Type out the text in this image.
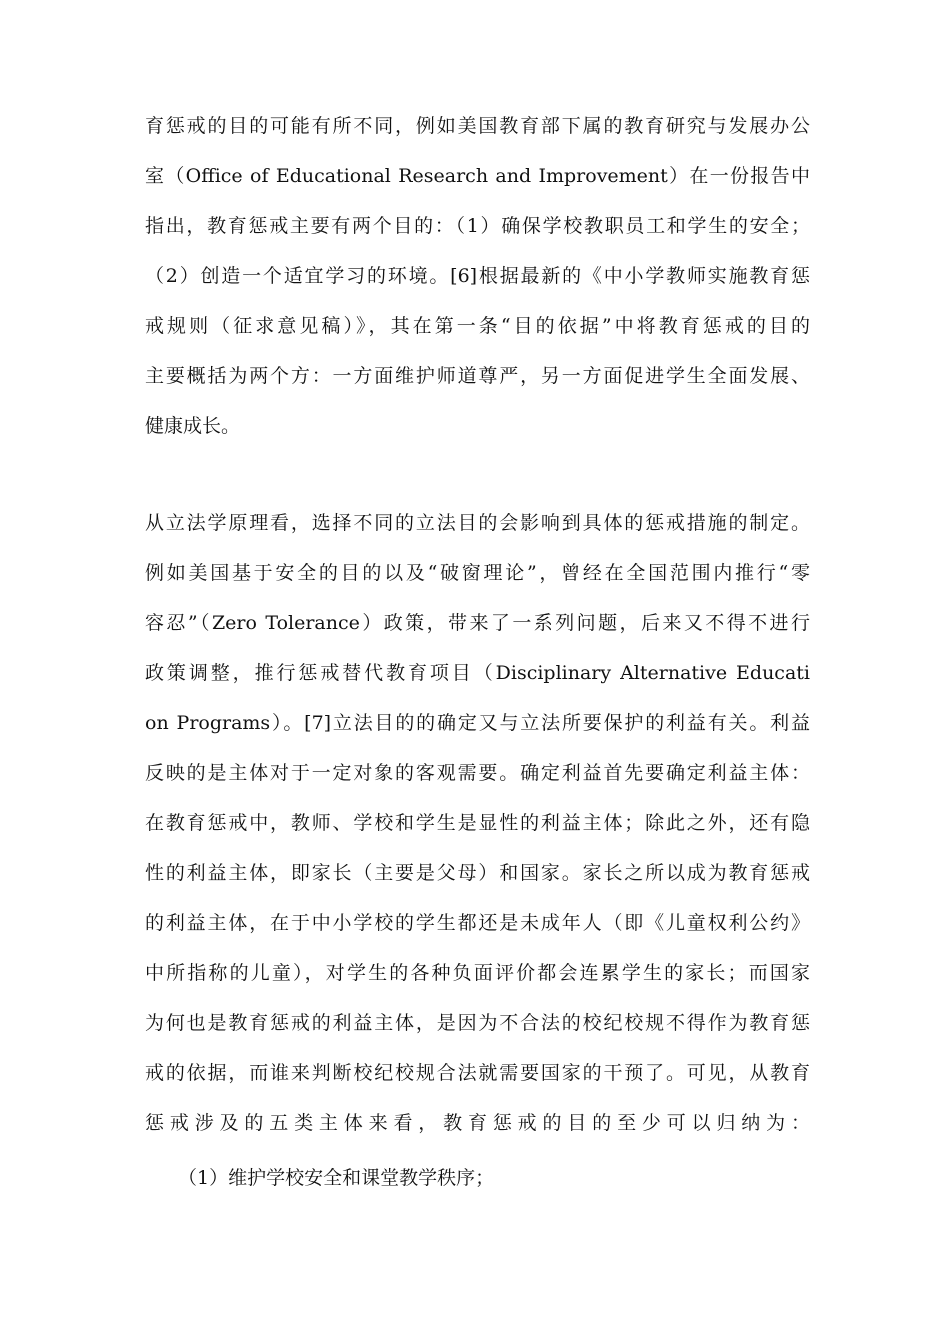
育惩戒的目的可能有所不同，例如美国教育部下属的教育研究与发展办公
室（Office of Educational Research and Improvement）在一份报告中
指出，教育惩戒主要有两个目的：（1）确保学校教职员工和学生的安全；
（2）创造一个适宜学习的环境。[6]根据最新的《中小学教师实施教育惩
戒规则（征求意见稿）》，其在第一条“目的依据”中将教育惩戒的目的
主要概括为两个方：一方面维护师道尊严，另一方面促进学生全面发展、
健康成长。
从立法学原理看，选择不同的立法目的会影响到具体的惩戒措施的制定。
例如美国基于安全的目的以及“破窗理论”，曾经在全国范围内推行“零
容忍”（Zero Tolerance）政策，带来了一系列问题，后来又不得不进行
政策调整，推行惩戒替代教育项目（Disciplinary Alternative Educati
on Programs）。[7]立法目的的确定又与立法所要保护的利益有关。利益
反映的是主体对于一定对象的客观需要。确定利益首先要确定利益主体：
在教育惩戒中，教师、学校和学生是显性的利益主体；除此之外，还有隐
性的利益主体，即家长（主要是父母）和国家。家长之所以成为教育惩戒
的利益主体，在于中小学校的学生都还是未成年人（即《儿童权利公约》
中所指称的儿童），对学生的各种负面评价都会连累学生的家长；而国家
为何也是教育惩戒的利益主体，是因为不合法的校纪校规不得作为教育惩
戒的依据，而谁来判断校纪校规合法就需要国家的干预了。可见，从教育
惩戒涉及的五类主体来看，教育惩戒的目的至少可以归纳为：
（1）维护学校安全和课堂教学秩序；
